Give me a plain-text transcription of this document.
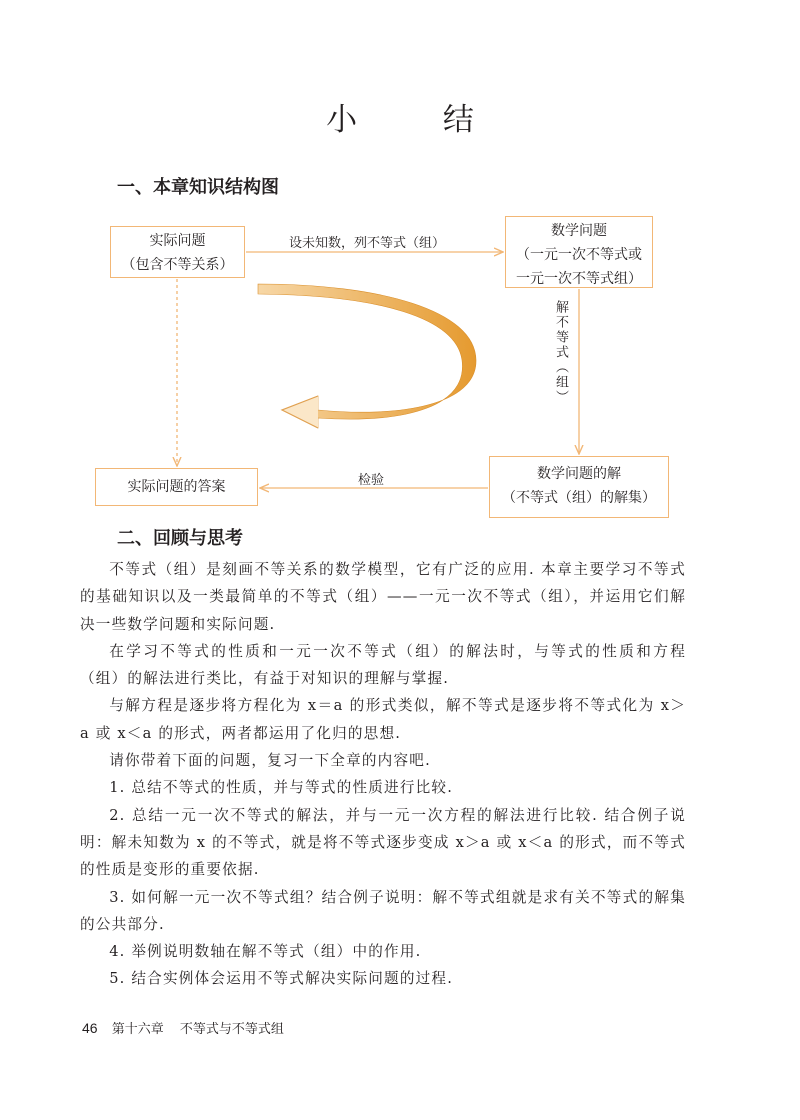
小 结
一、本章知识结构图
实际问题
（包含不等关系）
数学问题
（一元一次不等式或
一元一次不等式组）
实际问题的答案
数学问题的解
（不等式（组）的解集）
设未知数，列不等式（组）
解不等式（组）
检验
二、回顾与思考

不等式（组）是刻画不等关系的数学模型，它有广泛的应用. 本章主要学习不等式的基础知识以及一类最简单的不等式（组）——一元一次不等式（组），并运用它们解决一些数学问题和实际问题.

在学习不等式的性质和一元一次不等式（组）的解法时，与等式的性质和方程（组）的解法进行类比，有益于对知识的理解与掌握.

与解方程是逐步将方程化为 x＝a 的形式类似，解不等式是逐步将不等式化为 x＞a 或 x＜a 的形式，两者都运用了化归的思想.

请你带着下面的问题，复习一下全章的内容吧.

1. 总结不等式的性质，并与等式的性质进行比较.

2. 总结一元一次不等式的解法，并与一元一次方程的解法进行比较. 结合例子说明：解未知数为 x 的不等式，就是将不等式逐步变成 x＞a 或 x＜a 的形式，而不等式的性质是变形的重要依据.

3. 如何解一元一次不等式组？结合例子说明：解不等式组就是求有关不等式的解集的公共部分.

4. 举例说明数轴在解不等式（组）中的作用.

5. 结合实例体会运用不等式解决实际问题的过程.

46 第十六章 不等式与不等式组
